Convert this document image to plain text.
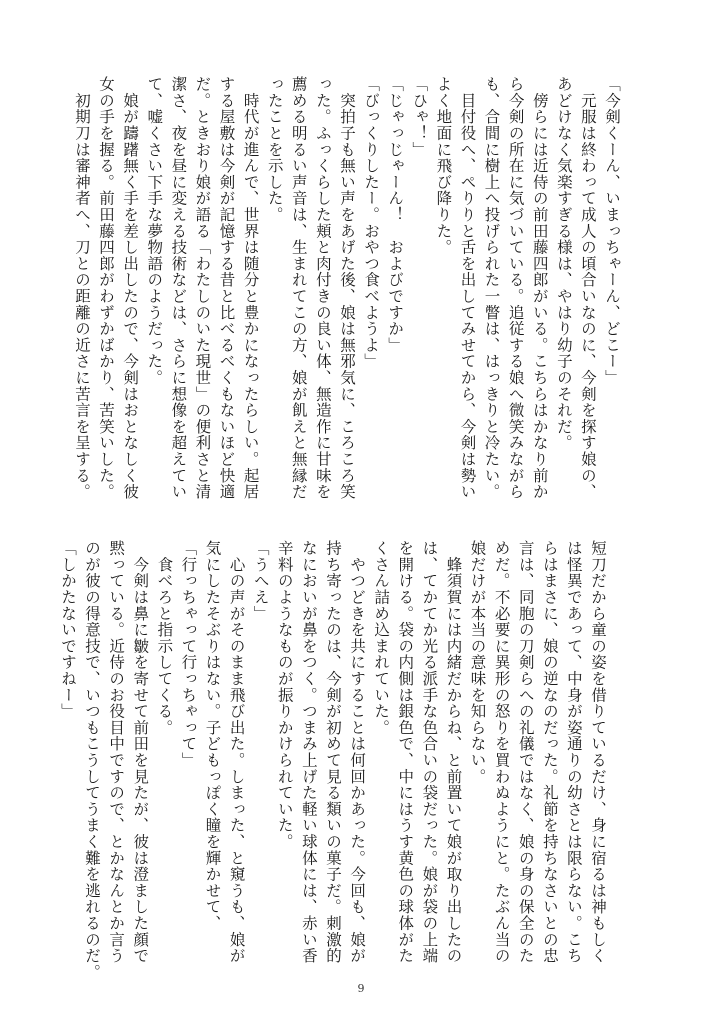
「今剣くーん、いまっちゃーん、どこー」
　元服は終わって成人の頃合いなのに、今剣を探す娘の、
あどけなく気楽すぎる様は、やはり幼子のそれだ。
　傍らには近侍の前田藤四郎がいる。こちらはかなり前か
ら今剣の所在に気づいている。追従する娘へ微笑みながら
も、合間に樹上へ投げられた一瞥は、はっきりと冷たい。
　目付役へ、ぺりりと舌を出してみせてから、今剣は勢い
よく地面に飛び降りた。
「ひゃ！」
「じゃっじゃーん！　およびですか」
「びっくりしたー。おやつ食べようよ」
　突拍子も無い声をあげた後、娘は無邪気に、ころころ笑
った。ふっくらした頬と肉付きの良い体、無造作に甘味を
薦める明るい声音は、生まれてこの方、娘が飢えと無縁だ
ったことを示した。
　時代が進んで、世界は随分と豊かになったらしい。起居
する屋敷は今剣が記憶する昔と比べるべくもないほど快適
だ。ときおり娘が語る「わたしのいた現世」の便利さと清
潔さ、夜を昼に変える技術などは、さらに想像を超えてい
て、嘘くさい下手な夢物語のようだった。
　娘が躊躇無く手を差し出したので、今剣はおとなしく彼
女の手を握る。前田藤四郎がわずかばかり、苦笑いした。
　初期刀は審神者へ、刀との距離の近さに苦言を呈する。
短刀だから童の姿を借りているだけ、身に宿るは神もしく
は怪異であって、中身が姿通りの幼さとは限らない。こち
らはまさに、娘の逆なのだった。礼節を持ちなさいとの忠
言は、同胞の刀剣らへの礼儀ではなく、娘の身の保全のた
めだ。不必要に異形の怒りを買わぬようにと。たぶん当の
娘だけが本当の意味を知らない。
　蜂須賀には内緒だからね、と前置いて娘が取り出したの
は、てかてか光る派手な色合いの袋だった。娘が袋の上端
を開ける。袋の内側は銀色で、中にはうす黄色の球体がた
くさん詰め込まれていた。
　やつどきを共にすることは何回かあった。今回も、娘が
持ち寄ったのは、今剣が初めて見る類いの菓子だ。刺激的
なにおいが鼻をつく。つまみ上げた軽い球体には、赤い香
辛料のようなものが振りかけられていた。
「うへえ」
　心の声がそのまま飛び出た。しまった、と窺うも、娘が
気にしたそぶりはない。子どもっぽく瞳を輝かせて、
「行っちゃって行っちゃって」
　食べろと指示してくる。
　今剣は鼻に皺を寄せて前田を見たが、彼は澄ました顔で
黙っている。近侍のお役目中ですので、とかなんとか言う
のが彼の得意技で、いつもこうしてうまく難を逃れるのだ。
「しかたないですねー」
9
